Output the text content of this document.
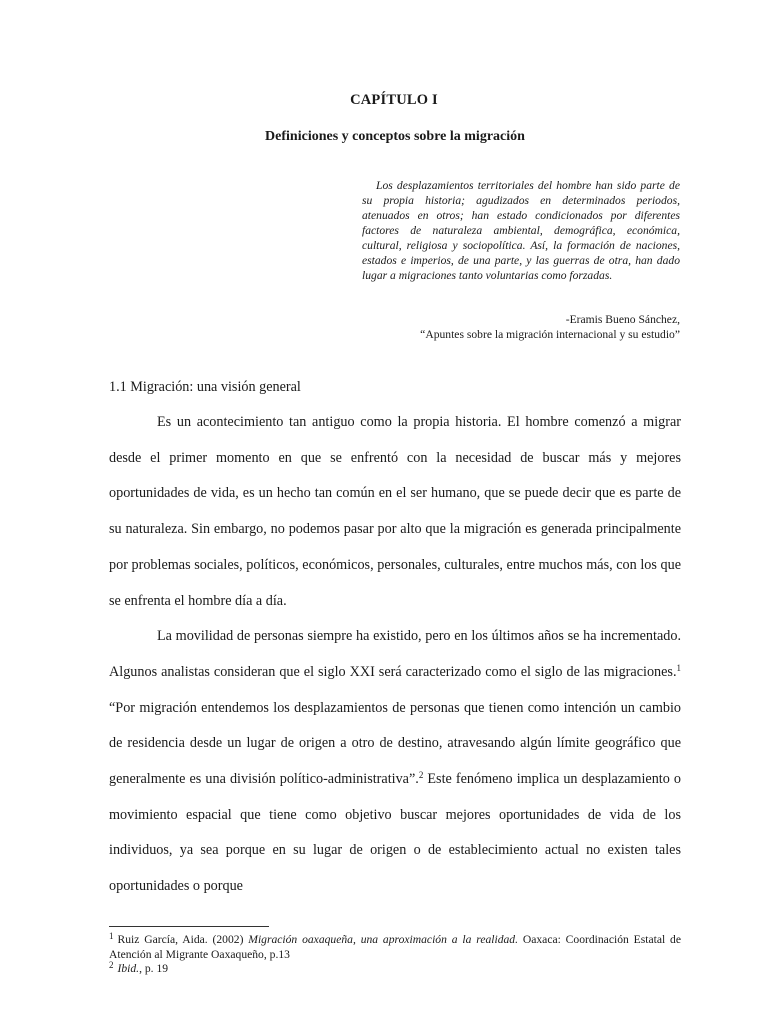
CAPÍTULO I
Definiciones y conceptos sobre la migración
Los desplazamientos territoriales del hombre han sido parte de su propia historia; agudizados en determinados periodos, atenuados en otros; han estado condicionados por diferentes factores de naturaleza ambiental, demográfica, económica, cultural, religiosa y sociopolítica. Así, la formación de naciones, estados e imperios, de una parte, y las guerras de otra, han dado lugar a migraciones tanto voluntarias como forzadas.
-Eramis Bueno Sánchez,
“Apuntes sobre la migración internacional y su estudio”
1.1 Migración: una visión general

Es un acontecimiento tan antiguo como la propia historia. El hombre comenzó a migrar desde el primer momento en que se enfrentó con la necesidad de buscar más y mejores oportunidades de vida, es un hecho tan común en el ser humano, que se puede decir que es parte de su naturaleza. Sin embargo, no podemos pasar por alto que la migración es generada principalmente por problemas sociales, políticos, económicos, personales, culturales, entre muchos más, con los que se enfrenta el hombre día a día.

La movilidad de personas siempre ha existido, pero en los últimos años se ha incrementado. Algunos analistas consideran que el siglo XXI será caracterizado como el siglo de las migraciones.$^1$ “Por migración entendemos los desplazamientos de personas que tienen como intención un cambio de residencia desde un lugar de origen a otro de destino, atravesando algún límite geográfico que generalmente es una división político-administrativa”.$^2$ Este fenómeno implica un desplazamiento o movimiento espacial que tiene como objetivo buscar mejores oportunidades de vida de los individuos, ya sea porque en su lugar de origen o de establecimiento actual no existen tales oportunidades o porque

$^1$ Ruiz García, Aida. (2002) Migración oaxaqueña, una aproximación a la realidad. Oaxaca: Coordinación Estatal de Atención al Migrante Oaxaqueño, p.13
$^2$ Ibid., p. 19
